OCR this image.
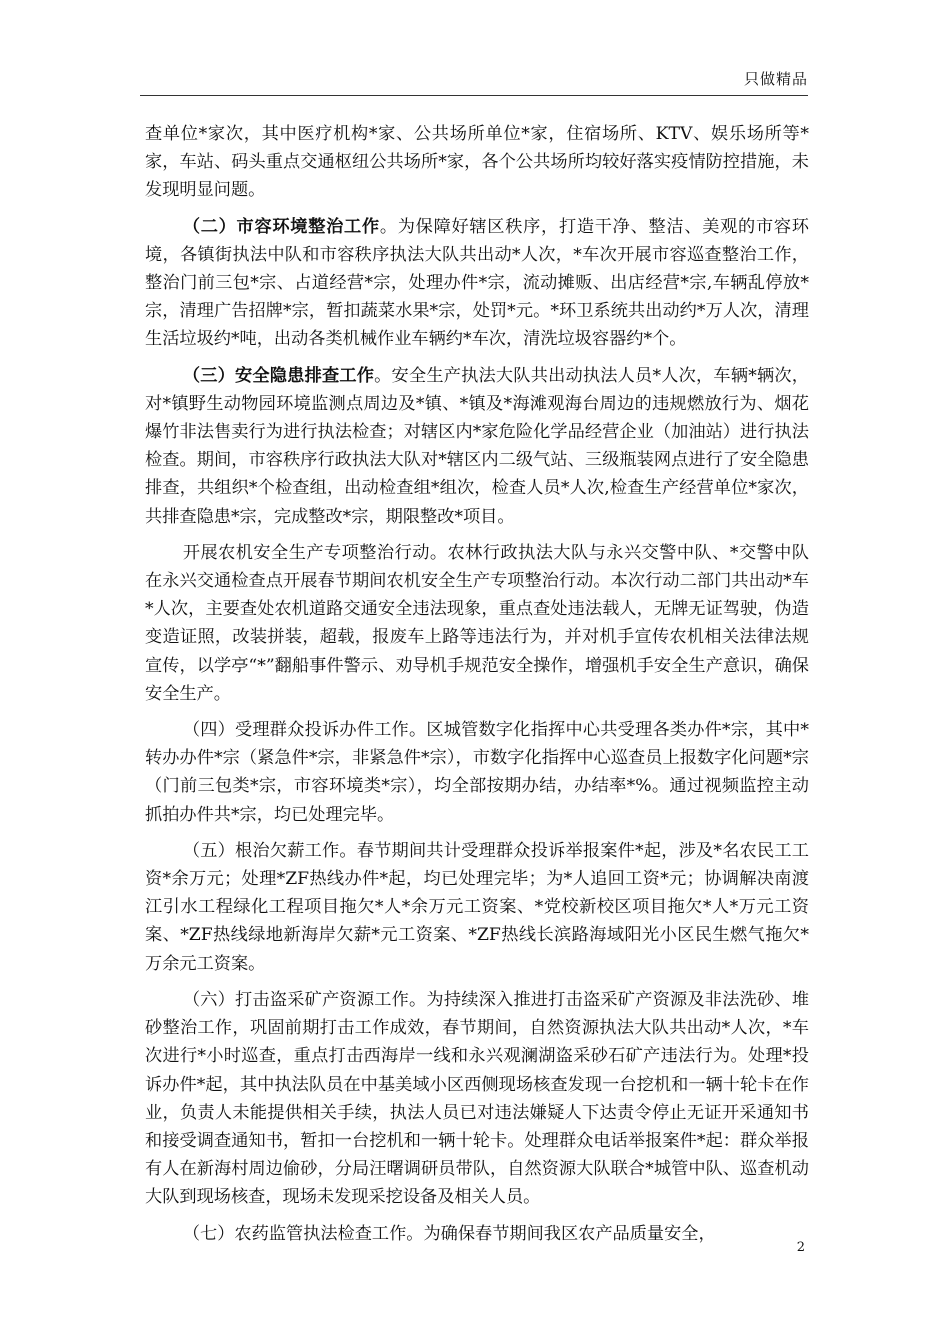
只做精品

查单位*家次，其中医疗机构*家、公共场所单位*家，住宿场所、KTV、娱乐场所等*家，车站、码头重点交通枢纽公共场所*家，各个公共场所均较好落实疫情防控措施，未发现明显问题。

（二）市容环境整治工作。为保障好辖区秩序，打造干净、整洁、美观的市容环境，各镇街执法中队和市容秩序执法大队共出动*人次，*车次开展市容巡查整治工作，整治门前三包*宗、占道经营*宗，处理办件*宗，流动摊贩、出店经营*宗,车辆乱停放*宗，清理广告招牌*宗，暂扣蔬菜水果*宗，处罚*元。*环卫系统共出动约*万人次，清理生活垃圾约*吨，出动各类机械作业车辆约*车次，清洗垃圾容器约*个。

（三）安全隐患排查工作。安全生产执法大队共出动执法人员*人次，车辆*辆次，对*镇野生动物园环境监测点周边及*镇、*镇及*海滩观海台周边的违规燃放行为、烟花爆竹非法售卖行为进行执法检查；对辖区内*家危险化学品经营企业（加油站）进行执法检查。期间，市容秩序行政执法大队对*辖区内二级气站、三级瓶装网点进行了安全隐患排查，共组织*个检查组，出动检查组*组次，检查人员*人次,检查生产经营单位*家次，共排查隐患*宗，完成整改*宗，期限整改*项目。

开展农机安全生产专项整治行动。农林行政执法大队与永兴交警中队、*交警中队在永兴交通检查点开展春节期间农机安全生产专项整治行动。本次行动二部门共出动*车*人次，主要查处农机道路交通安全违法现象，重点查处违法载人，无牌无证驾驶，伪造变造证照，改装拼装，超载，报废车上路等违法行为，并对机手宣传农机相关法律法规宣传，以学亭“*”翻船事件警示、劝导机手规范安全操作，增强机手安全生产意识，确保安全生产。

（四）受理群众投诉办件工作。区城管数字化指挥中心共受理各类办件*宗，其中*转办办件*宗（紧急件*宗，非紧急件*宗），市数字化指挥中心巡查员上报数字化问题*宗（门前三包类*宗，市容环境类*宗），均全部按期办结，办结率*%。通过视频监控主动抓拍办件共*宗，均已处理完毕。

（五）根治欠薪工作。春节期间共计受理群众投诉举报案件*起，涉及*名农民工工资*余万元；处理*ZF热线办件*起，均已处理完毕；为*人追回工资*元；协调解决南渡江引水工程绿化工程项目拖欠*人*余万元工资案、*党校新校区项目拖欠*人*万元工资案、*ZF热线绿地新海岸欠薪*元工资案、*ZF热线长滨路海域阳光小区民生燃气拖欠*万余元工资案。

（六）打击盗采矿产资源工作。为持续深入推进打击盗采矿产资源及非法洗砂、堆砂整治工作，巩固前期打击工作成效，春节期间，自然资源执法大队共出动*人次，*车次进行*小时巡查，重点打击西海岸一线和永兴观澜湖盗采砂石矿产违法行为。处理*投诉办件*起，其中执法队员在中基美域小区西侧现场核查发现一台挖机和一辆十轮卡在作业，负责人未能提供相关手续，执法人员已对违法嫌疑人下达责令停止无证开采通知书和接受调查通知书，暂扣一台挖机和一辆十轮卡。处理群众电话举报案件*起：群众举报有人在新海村周边偷砂，分局汪曙调研员带队，自然资源大队联合*城管中队、巡查机动大队到现场核查，现场未发现采挖设备及相关人员。

（七）农药监管执法检查工作。为确保春节期间我区农产品质量安全，

2
